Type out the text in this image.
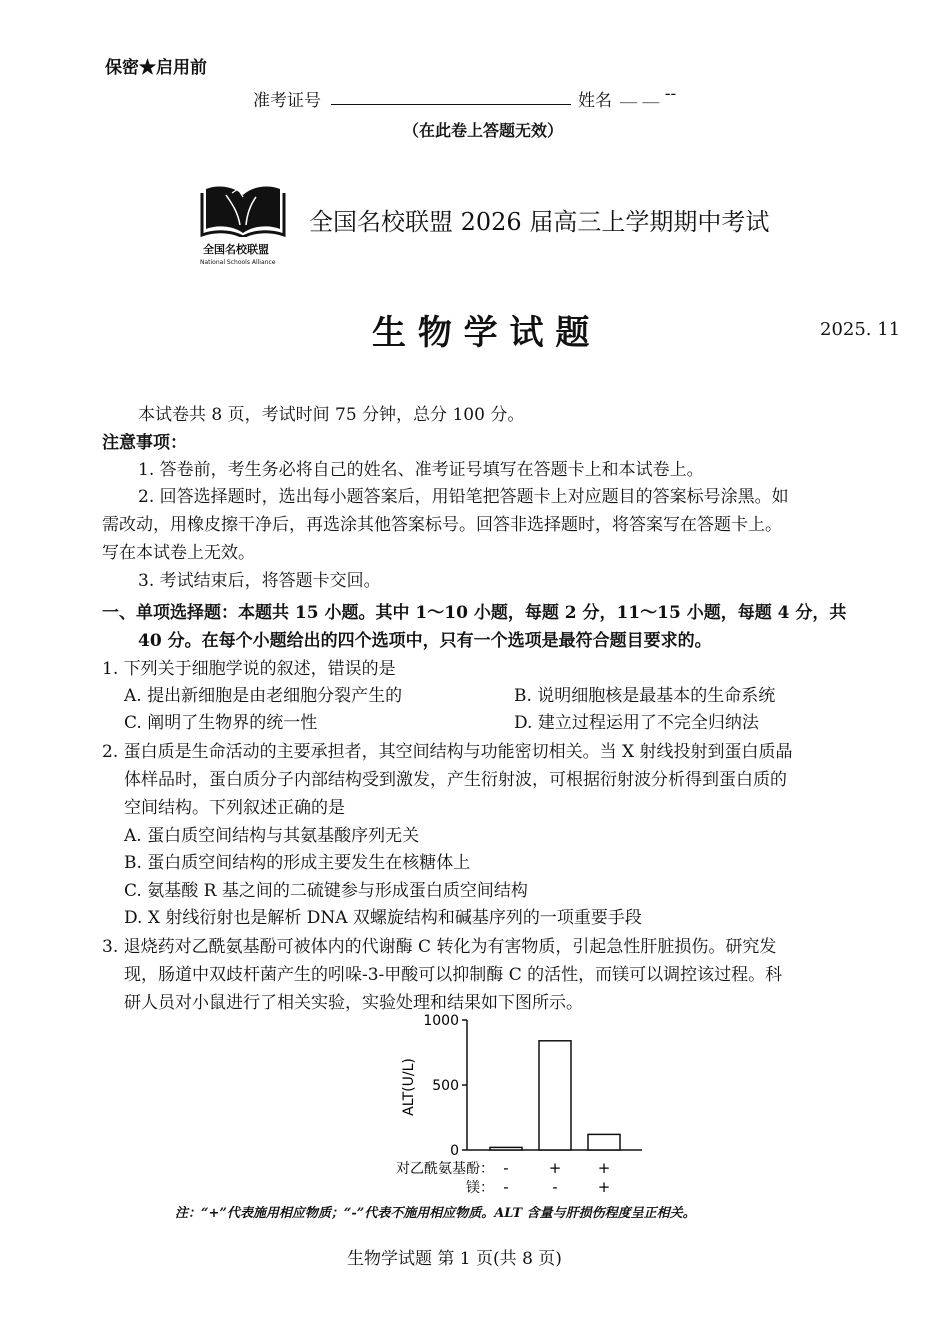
保密★启用前
准考证号	姓名 __ __ --
（在此卷上答题无效）
全国名校联盟
National Schools Alliance
全国名校联盟 2026 届高三上学期期中考试
生 物 学 试 题	2025. 11
本试卷共 8 页，考试时间 75 分钟，总分 100 分。
注意事项：
1. 答卷前，考生务必将自己的姓名、准考证号填写在答题卡上和本试卷上。
2. 回答选择题时，选出每小题答案后，用铅笔把答题卡上对应题目的答案标号涂黑。如
需改动，用橡皮擦干净后，再选涂其他答案标号。回答非选择题时，将答案写在答题卡上。
写在本试卷上无效。
3. 考试结束后，将答题卡交回。
一、单项选择题：本题共 15 小题。其中 1～10 小题，每题 2 分，11～15 小题，每题 4 分，共
40 分。在每个小题给出的四个选项中，只有一个选项是最符合题目要求的。
1. 下列关于细胞学说的叙述，错误的是
A. 提出新细胞是由老细胞分裂产生的	B. 说明细胞核是最基本的生命系统
C. 阐明了生物界的统一性	D. 建立过程运用了不完全归纳法
2. 蛋白质是生命活动的主要承担者，其空间结构与功能密切相关。当 X 射线投射到蛋白质晶
体样品时，蛋白质分子内部结构受到激发，产生衍射波，可根据衍射波分析得到蛋白质的
空间结构。下列叙述正确的是
A. 蛋白质空间结构与其氨基酸序列无关
B. 蛋白质空间结构的形成主要发生在核糖体上
C. 氨基酸 R 基之间的二硫键参与形成蛋白质空间结构
D. X 射线衍射也是解析 DNA 双螺旋结构和碱基序列的一项重要手段
3. 退烧药对乙酰氨基酚可被体内的代谢酶 C 转化为有害物质，引起急性肝脏损伤。研究发
现，肠道中双歧杆菌产生的吲哚-3-甲酸可以抑制酶 C 的活性，而镁可以调控该过程。科
研人员对小鼠进行了相关实验，实验处理和结果如下图所示。
ALT(U/L)
0
500
1000
对乙酰氨基酚： -	+ +
镁： -	-	+
注：“+”代表施用相应物质；“-”代表不施用相应物质。ALT 含量与肝损伤程度呈正相关。
生物学试题 第 1 页(共 8 页)
